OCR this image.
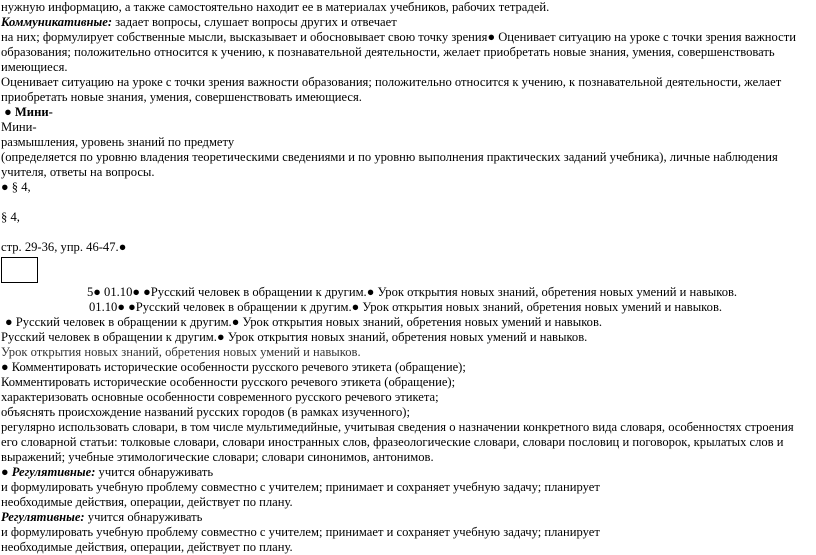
нужную информацию, а также самостоятельно находит ее в материалах учебников, рабочих тетрадей.

Коммуникативные: задает вопросы, слушает вопросы других и отвечает

на них; формулирует собственные мысли, высказывает и обосновывает свою точку зрения● Оценивает ситуацию на уроке с точки зрения важности образования; положительно относится к учению, к познавательной деятельности, желает приобретать новые знания, умения, совершенствовать имеющиеся.

Оценивает ситуацию на уроке с точки зрения важности образования; положительно относится к учению, к познавательной деятельности, желает приобретать новые знания, умения, совершенствовать имеющиеся.

● Мини-

Мини-

размышления, уровень знаний по предмету

(определяется по уровню владения теоретическими сведениями и по уровню выполнения практических заданий учебника), личные наблюдения учителя, ответы на вопросы.

● § 4,

§ 4,

стр. 29-36, упр. 46-47.●

5● 01.10● ●Русский человек в обращении к другим.● Урок открытия новых знаний, обретения новых умений и навыков.

01.10● ●Русский человек в обращении к другим.● Урок открытия новых знаний, обретения новых умений и навыков.

● Русский человек в обращении к другим.● Урок открытия новых знаний, обретения новых умений и навыков.

Русский человек в обращении к другим.● Урок открытия новых знаний, обретения новых умений и навыков.

Урок открытия новых знаний, обретения новых умений и навыков.

● Комментировать исторические особенности русского речевого этикета (обращение);

Комментировать исторические особенности русского речевого этикета (обращение);

характеризовать основные особенности современного русского речевого этикета;

объяснять происхождение названий русских городов (в рамках изученного);

регулярно использовать словари, в том числе мультимедийные, учитывая сведения о назначении конкретного вида словаря, особенностях строения его словарной статьи: толковые словари, словари иностранных слов, фразеологические словари, словари пословиц и поговорок, крылатых слов и выражений; учебные этимологические словари; словари синонимов, антонимов.

● Регулятивные: учится обнаруживать

и формулировать учебную проблему совместно с учителем; принимает и сохраняет учебную задачу; планирует

необходимые действия, операции, действует по плану.

Регулятивные: учится обнаруживать

и формулировать учебную проблему совместно с учителем; принимает и сохраняет учебную задачу; планирует

необходимые действия, операции, действует по плану.
